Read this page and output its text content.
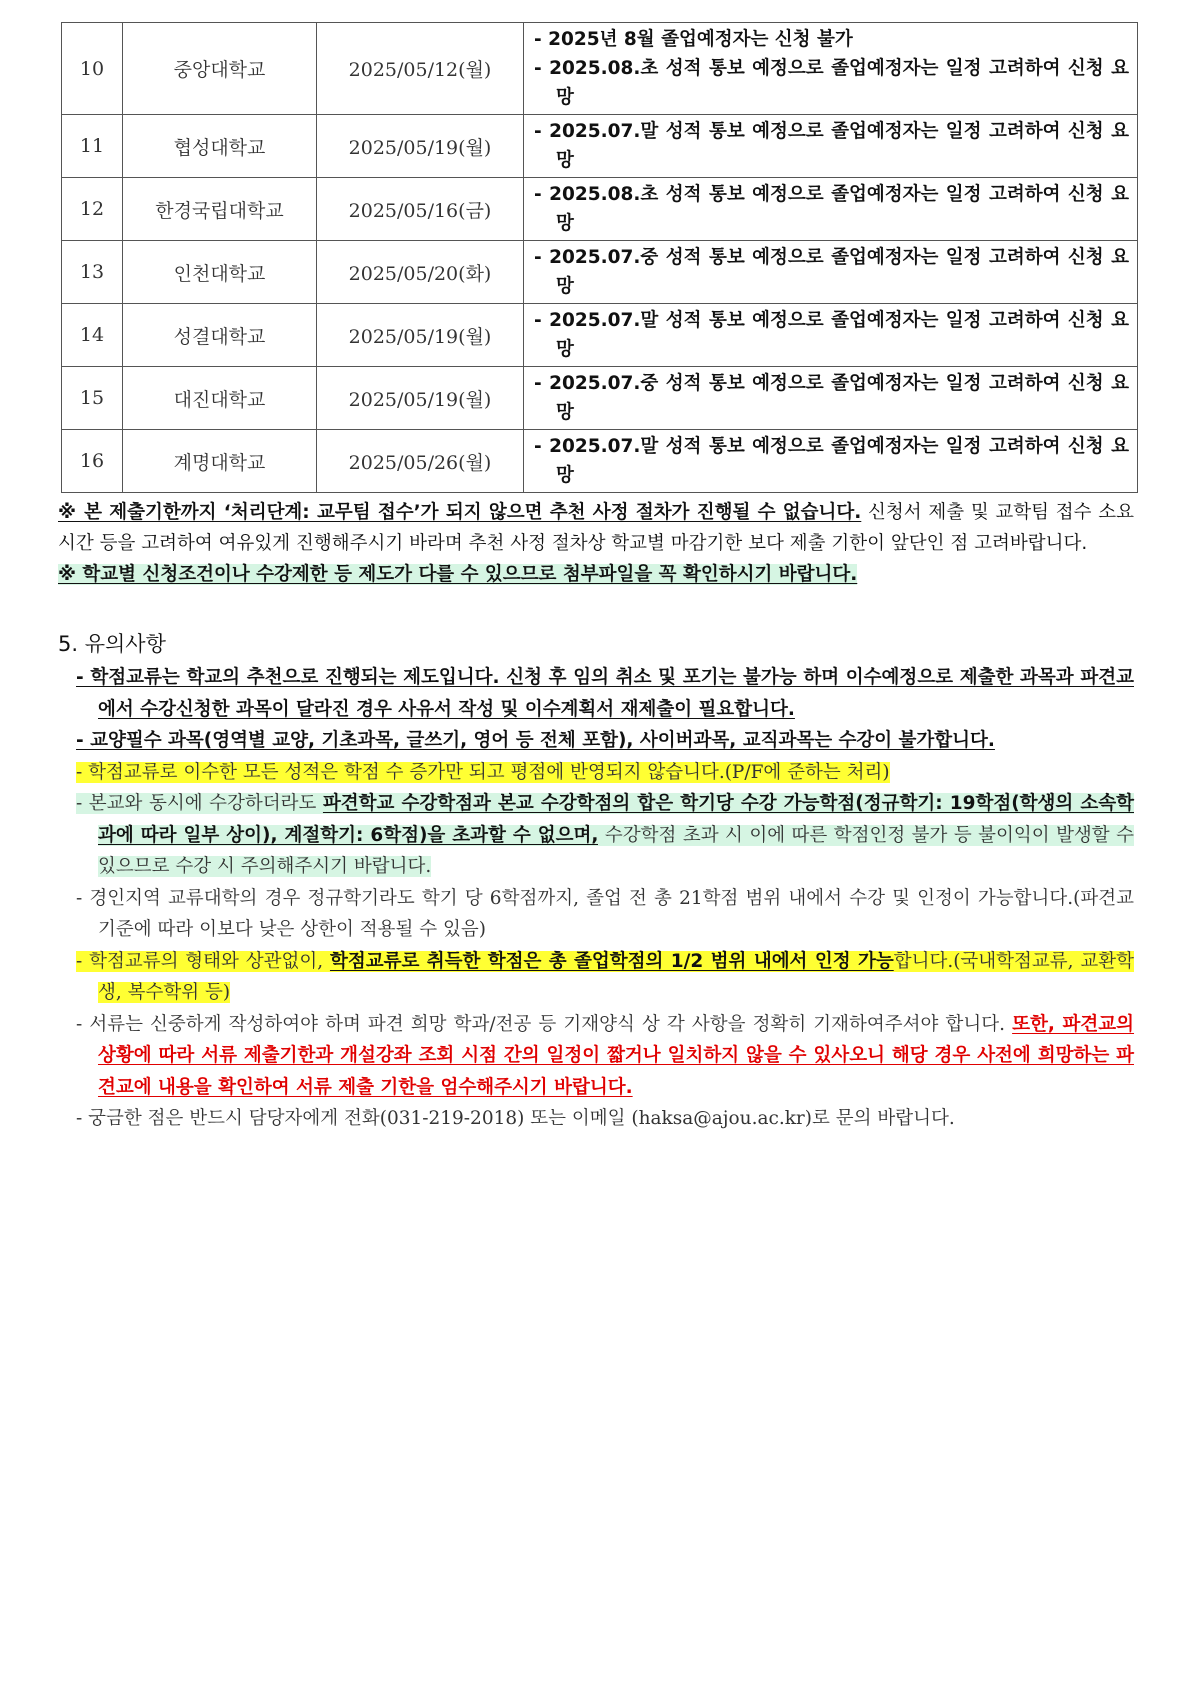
10	중앙대학교	2025/05/12(월)	- 2025년 8월 졸업예정자는 신청 불가
- 2025.08.초 성적 통보 예정으로 졸업예정자는 일정 고려하여 신청 요망

11	협성대학교	2025/05/19(월)	- 2025.07.말 성적 통보 예정으로 졸업예정자는 일정 고려하여 신청 요망

12	한경국립대학교	2025/05/16(금)	- 2025.08.초 성적 통보 예정으로 졸업예정자는 일정 고려하여 신청 요망

13	인천대학교	2025/05/20(화)	- 2025.07.중 성적 통보 예정으로 졸업예정자는 일정 고려하여 신청 요망

14	성결대학교	2025/05/19(월)	- 2025.07.말 성적 통보 예정으로 졸업예정자는 일정 고려하여 신청 요망

15	대진대학교	2025/05/19(월)	- 2025.07.중 성적 통보 예정으로 졸업예정자는 일정 고려하여 신청 요망

16	계명대학교	2025/05/26(월)	- 2025.07.말 성적 통보 예정으로 졸업예정자는 일정 고려하여 신청 요망
※ 본 제출기한까지 ‘처리단계: 교무팀 접수’가 되지 않으면 추천 사정 절차가 진행될 수 없습니다. 신청서 제출 및 교학팀 접수 소요시간 등을 고려하여 여유있게 진행해주시기 바라며 추천 사정 절차상 학교별 마감기한 보다 제출 기한이 앞단인 점 고려바랍니다.
※ 학교별 신청조건이나 수강제한 등 제도가 다를 수 있으므로 첨부파일을 꼭 확인하시기 바랍니다.
5. 유의사항
- 학점교류는 학교의 추천으로 진행되는 제도입니다. 신청 후 임의 취소 및 포기는 불가능 하며 이수예정으로 제출한 과목과 파견교에서 수강신청한 과목이 달라진 경우 사유서 작성 및 이수계획서 재제출이 필요합니다.
- 교양필수 과목(영역별 교양, 기초과목, 글쓰기, 영어 등 전체 포함), 사이버과목, 교직과목는 수강이 불가합니다.
- 학점교류로 이수한 모든 성적은 학점 수 증가만 되고 평점에 반영되지 않습니다.(P/F에 준하는 처리)
- 본교와 동시에 수강하더라도 파견학교 수강학점과 본교 수강학점의 합은 학기당 수강 가능학점(정규학기: 19학점(학생의 소속학과에 따라 일부 상이), 계절학기: 6학점)을 초과할 수 없으며, 수강학점 초과 시 이에 따른 학점인정 불가 등 불이익이 발생할 수 있으므로 수강 시 주의해주시기 바랍니다.
- 경인지역 교류대학의 경우 정규학기라도 학기 당 6학점까지, 졸업 전 총 21학점 범위 내에서 수강 및 인정이 가능합니다.(파견교 기준에 따라 이보다 낮은 상한이 적용될 수 있음)
- 학점교류의 형태와 상관없이, 학점교류로 취득한 학점은 총 졸업학점의 1/2 범위 내에서 인정 가능합니다.(국내학점교류, 교환학생, 복수학위 등)
- 서류는 신중하게 작성하여야 하며 파견 희망 학과/전공 등 기재양식 상 각 사항을 정확히 기재하여주셔야 합니다. 또한, 파견교의 상황에 따라 서류 제출기한과 개설강좌 조회 시점 간의 일정이 짧거나 일치하지 않을 수 있사오니 해당 경우 사전에 희망하는 파견교에 내용을 확인하여 서류 제출 기한을 엄수해주시기 바랍니다.
- 궁금한 점은 반드시 담당자에게 전화(031-219-2018) 또는 이메일 (haksa@ajou.ac.kr)로 문의 바랍니다.
